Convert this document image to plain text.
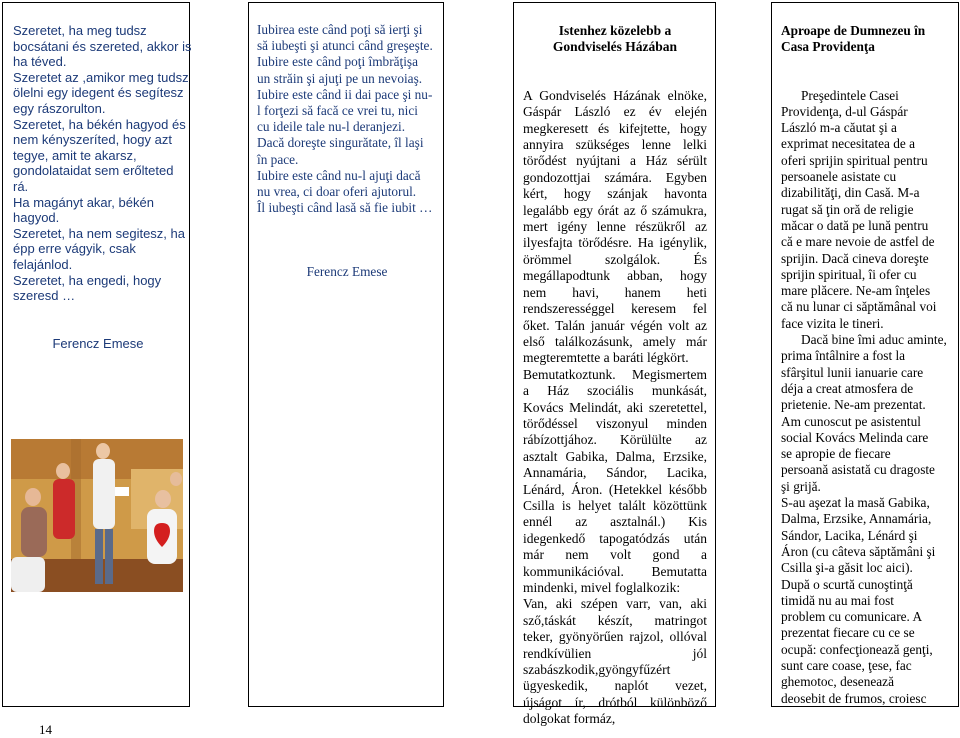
Szeretet, ha meg tudsz
bocsátani és szereted, akkor is
ha téved.
Szeretet az ,amikor meg tudsz
ölelni egy idegent és segítesz
egy rászorulton.
Szeretet, ha békén hagyod és
nem kényszeríted, hogy azt
tegye, amit te akarsz,
gondolataidat sem erőlteted
rá.
Ha magányt akar, békén
hagyod.
Szeretet, ha nem segitesz, ha
épp erre vágyik, csak
felajánlod.
Szeretet, ha engedi, hogy
szeresd …
Ferencz Emese
Iubirea este când poţi să ierţi şi
să iubeşti şi atunci când greşeşte.
Iubire este când poţi îmbrăţişa
un străin şi ajuţi pe un nevoiaş.
Iubire este când ii dai pace şi nu-
l forţezi să facă ce vrei tu, nici
cu ideile tale nu-l deranjezi.
Dacă doreşte singurătate, îl laşi
în pace.
Iubire este când nu-l ajuţi dacă
nu vrea, ci doar oferi ajutorul.
Îl iubeşti când lasă să fie iubit …
Ferencz Emese
Istenhez közelebb a
Gondviselés Házában
A Gondviselés Házának elnöke,
Gáspár László ez év elején
megkeresett és kifejtette, hogy
annyira szükséges lenne lelki
törődést nyújtani a Ház sérült
gondozottjai számára. Egyben
kért, hogy szánjak havonta
legalább egy órát az ő számukra,
mert igény lenne részükről az
ilyesfajta törődésre. Ha igénylik,
örömmel szolgálok. És
megállapodtunk abban, hogy
nem havi, hanem heti
rendszerességgel keresem fel
őket. Talán január végén volt az
első találkozásunk, amely már
megteremtette a baráti légkört.
Bemutatkoztunk. Megismertem
a Ház szociális munkását,
Kovács Melindát, aki szeretettel,
törődéssel viszonyul minden
rábízottjához. Körülülte az
asztalt Gabika, Dalma, Erzsike,
Annamária, Sándor, Lacika,
Lénárd, Áron. (Hetekkel később
Csilla is helyet talált közöttünk
ennél az asztalnál.) Kis
idegenkedő tapogatódzás után
már nem volt gond a
kommunikációval. Bemutatta
mindenki, mivel foglalkozik:
Van, aki szépen varr, van, aki
sző,táskát készít, matringot
teker, gyönyörűen rajzol, ollóval
rendkívülien jól
szabászkodik,gyöngyfűzért
ügyeskedik, naplót vezet,
újságot ír, drótból különböző
dolgokat formáz,
Aproape de Dumnezeu în
Casa Providenţa
Preşedintele Casei
Providenţa, d-ul Gáspár
László m-a căutat şi a
exprimat necesitatea de a
oferi sprijin spiritual pentru
persoanele asistate cu
dizabilităţi, din Casă. M-a
rugat să ţin oră de religie
măcar o dată pe lună pentru
că e mare nevoie de astfel de
sprijin. Dacă cineva doreşte
sprijin spiritual, îi ofer cu
mare plăcere. Ne-am înţeles
că nu lunar ci săptămânal voi
face vizita le tineri.
Dacă bine îmi aduc aminte,
prima întâlnire a fost la
sfârşitul lunii ianuarie care
déja a creat atmosfera de
prietenie. Ne-am prezentat.
Am cunoscut pe asistentul
social Kovács Melinda care
se apropie de fiecare
persoană asistată cu dragoste
şi grijă.
S-au aşezat la masă Gabika,
Dalma, Erzsike, Annamária,
Sándor, Lacika, Lénárd şi
Áron (cu câteva săptămâni şi
Csilla şi-a găsit loc aici).
După o scurtă cunoştinţă
timidă nu au mai fost
problem cu comunicare. A
prezentat fiecare cu ce se
ocupă: confecţionează genţi,
sunt care coase, ţese, fac
ghemotoc, desenează
deosebit de frumos, croiesc
14
